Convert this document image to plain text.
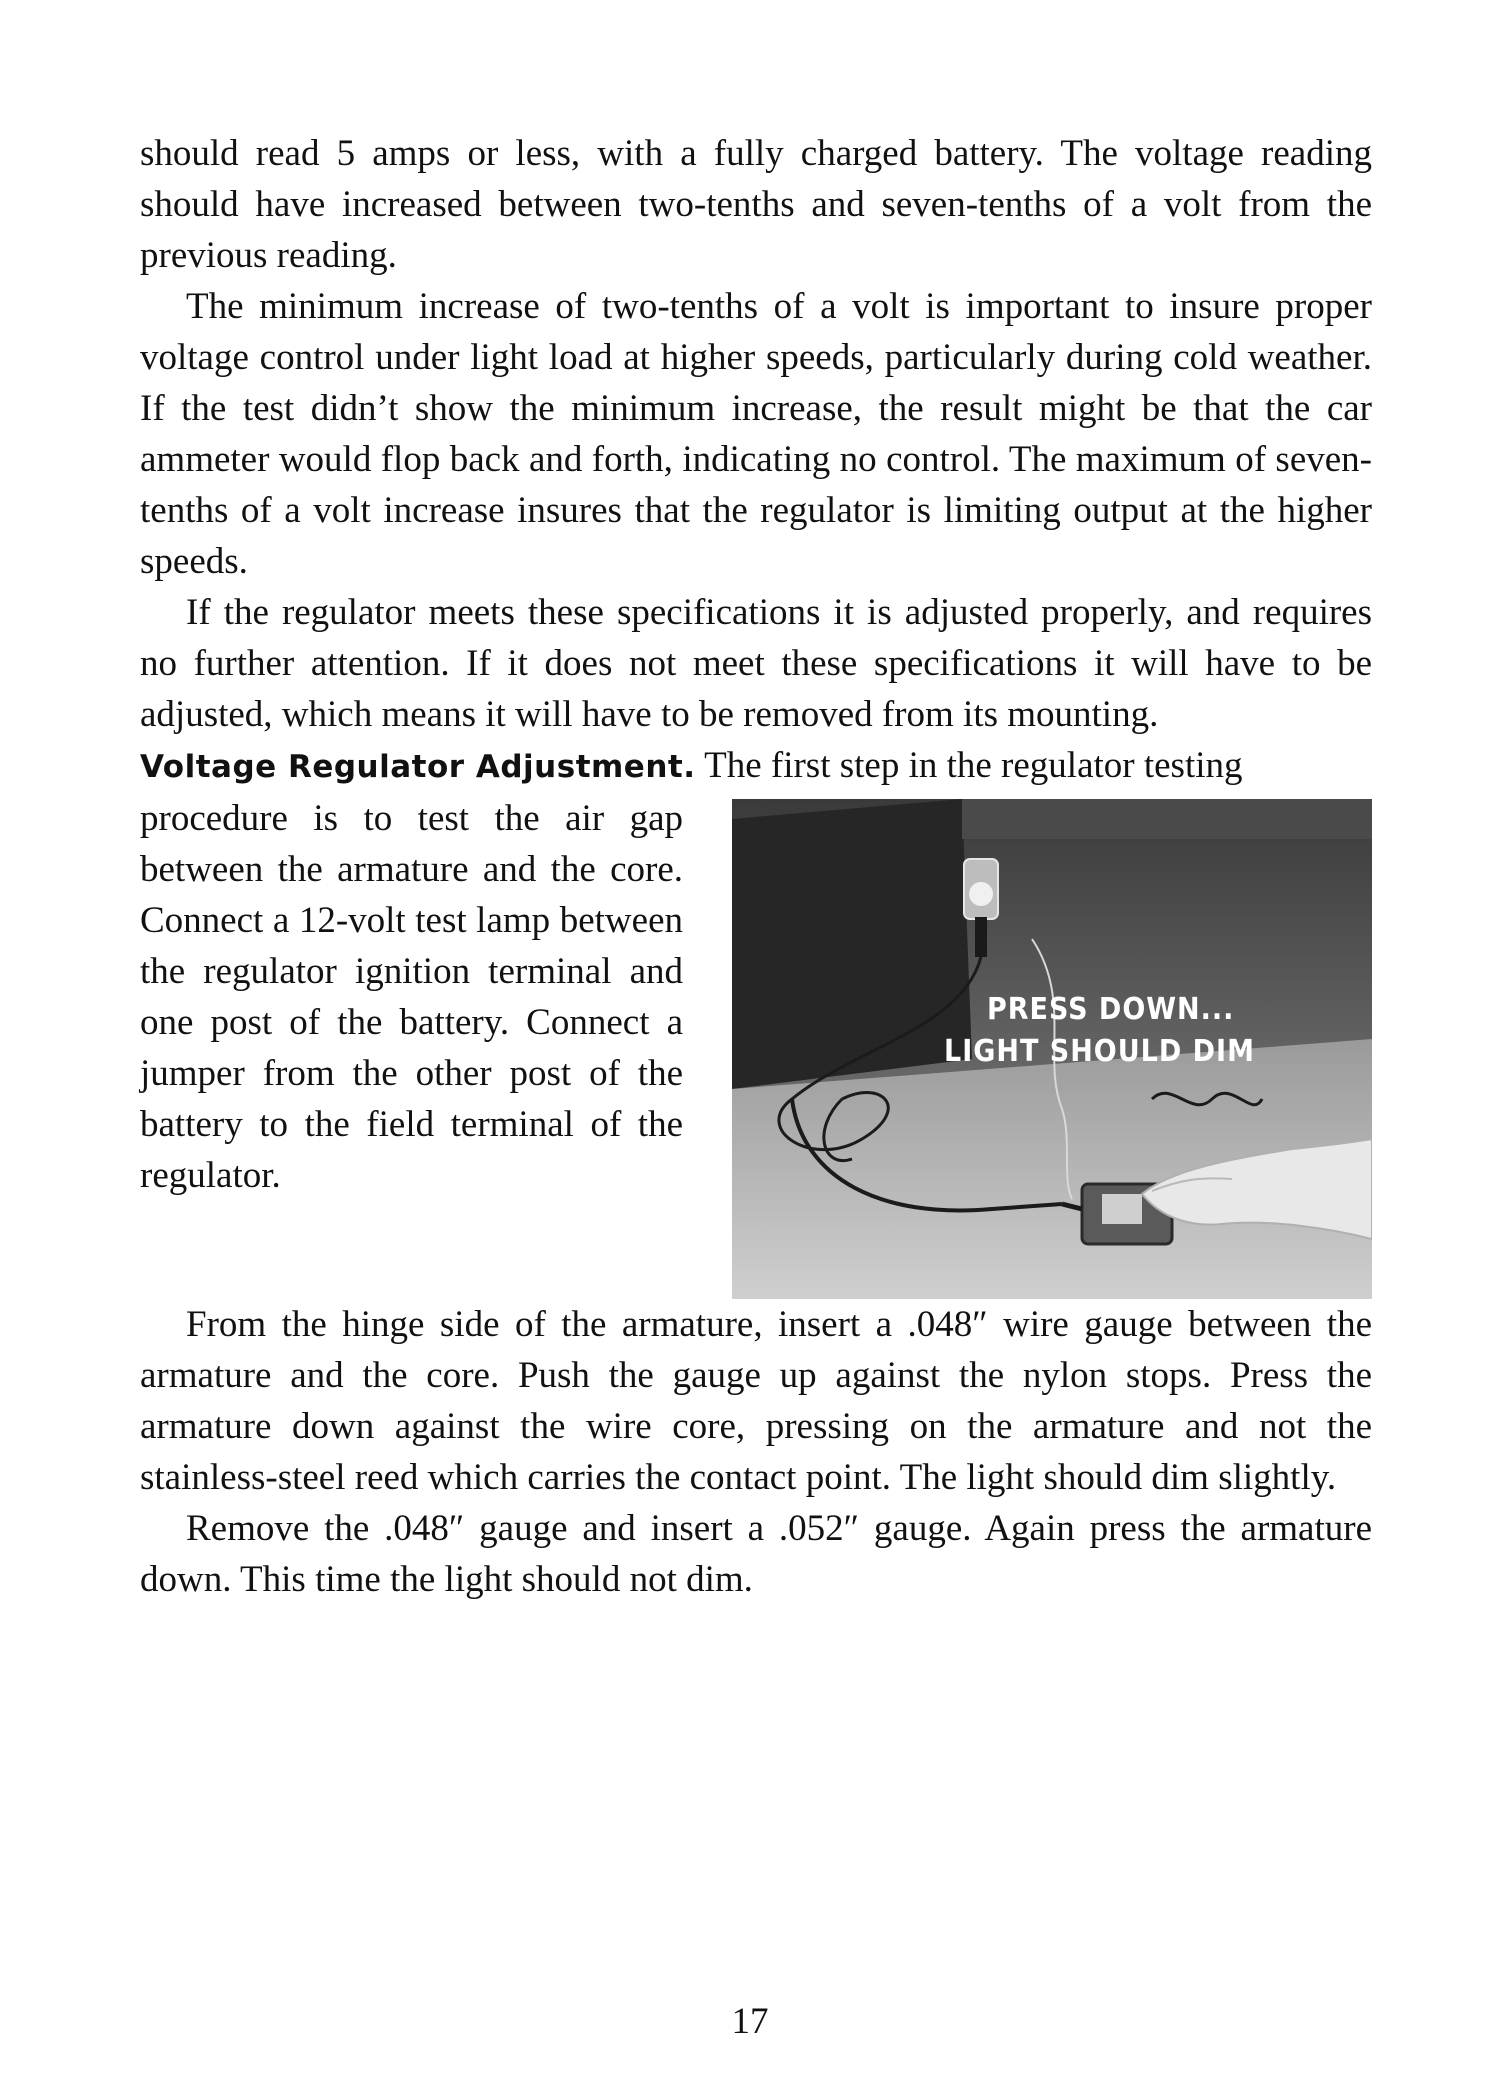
should read 5 amps or less, with a fully charged battery. The voltage reading should have increased between two-tenths and seven-tenths of a volt from the previous reading.

The minimum increase of two-tenths of a volt is important to insure proper voltage control under light load at higher speeds, particularly during cold weather. If the test didn’t show the minimum increase, the result might be that the car ammeter would flop back and forth, indicating no control. The maximum of seven-tenths of a volt increase insures that the regulator is limiting output at the higher speeds.

If the regulator meets these specifications it is adjusted properly, and requires no further attention. If it does not meet these specifications it will have to be adjusted, which means it will have to be removed from its mounting.

Voltage Regulator Adjustment. The first step in the regulator testing

procedure is to test the air gap between the armature and the core. Connect a 12-volt test lamp between the regulator ignition terminal and one post of the battery. Connect a jumper from the other post of the battery to the field terminal of the regulator.

PRESS DOWN...
LIGHT SHOULD DIM

From the hinge side of the armature, insert a .048″ wire gauge between the armature and the core. Push the gauge up against the nylon stops. Press the armature down against the wire core, pressing on the armature and not the stainless-steel reed which carries the contact point. The light should dim slightly.

Remove the .048″ gauge and insert a .052″ gauge. Again press the armature down. This time the light should not dim.

17
